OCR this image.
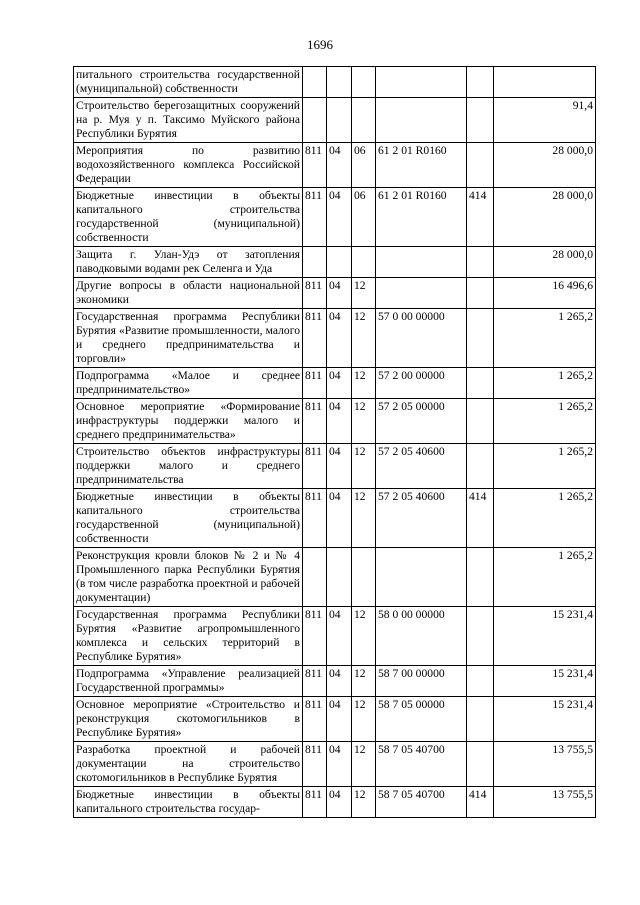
1696
питального строительства государственной (муниципальной) собственности						
Строительство берегозащитных сооружений на р. Муя у п. Таксимо Муйского района Республики Бурятия						91,4
Мероприятия по развитию водохозяйственного комплекса Российской Федерации	811	04	06	61 2 01 R0160		28 000,0
Бюджетные инвестиции в объекты капитального строительства государственной (муниципальной) собственности	811	04	06	61 2 01 R0160	414	28 000,0
Защита г. Улан-Удэ от затопления паводковыми водами рек Селенга и Уда						28 000,0
Другие вопросы в области национальной экономики	811	04	12			16 496,6
Государственная программа Республики Бурятия «Развитие промышленности, малого и среднего предпринимательства и торговли»	811	04	12	57 0 00 00000		1 265,2
Подпрограмма «Малое и среднее предпринимательство»	811	04	12	57 2 00 00000		1 265,2
Основное мероприятие «Формирование инфраструктуры поддержки малого и среднего предпринимательства»	811	04	12	57 2 05 00000		1 265,2
Строительство объектов инфраструктуры поддержки малого и среднего предпринимательства	811	04	12	57 2 05 40600		1 265,2
Бюджетные инвестиции в объекты капитального строительства государственной (муниципальной) собственности	811	04	12	57 2 05 40600	414	1 265,2
Реконструкция кровли блоков № 2 и № 4 Промышленного парка Республики Бурятия (в том числе разработка проектной и рабочей документации)						1 265,2
Государственная программа Республики Бурятия «Развитие агропромышленного комплекса и сельских территорий в Республике Бурятия»	811	04	12	58 0 00 00000		15 231,4
Подпрограмма «Управление реализацией Государственной программы»	811	04	12	58 7 00 00000		15 231,4
Основное мероприятие «Строительство и реконструкция скотомогильников в Республике Бурятия»	811	04	12	58 7 05 00000		15 231,4
Разработка проектной и рабочей документации на строительство скотомогильников в Республике Бурятия	811	04	12	58 7 05 40700		13 755,5
Бюджетные инвестиции в объекты капитального строительства государ-	811	04	12	58 7 05 40700	414	13 755,5
